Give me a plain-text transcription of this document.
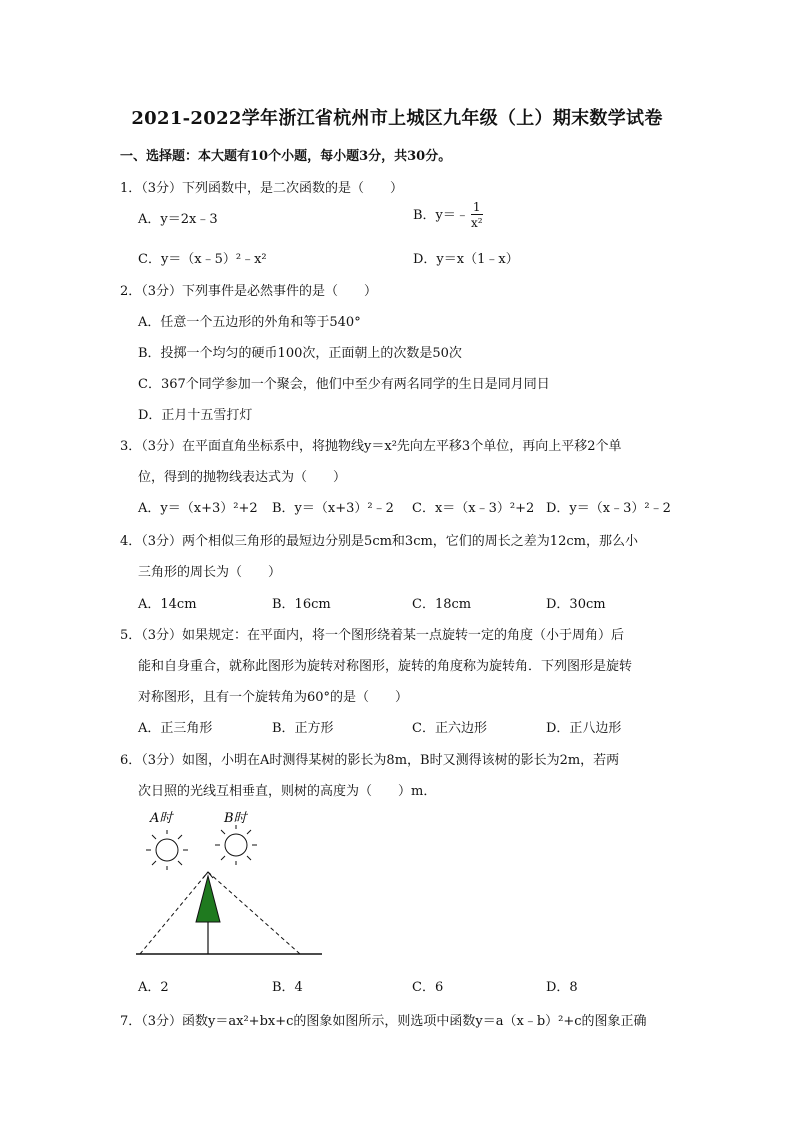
2021-2022学年浙江省杭州市上城区九年级（上）期末数学试卷
一、选择题：本大题有10个小题，每小题3分，共30分。
1．（3分）下列函数中，是二次函数的是（　　）
A．y＝2x﹣3	B．y＝﹣ $\frac{1}{\text{x²}}$
C．y＝（x﹣5）²﹣x²	D．y＝x（1﹣x）
2．（3分）下列事件是必然事件的是（　　）
A．任意一个五边形的外角和等于540°
B．投掷一个均匀的硬币100次，正面朝上的次数是50次
C．367个同学参加一个聚会，他们中至少有两名同学的生日是同月同日
D．正月十五雪打灯
3．（3分）在平面直角坐标系中，将抛物线y＝x²先向左平移3个单位，再向上平移2个单
位，得到的抛物线表达式为（　　）
A．y＝（x+3）²+2 B．y＝（x+3）²﹣2 C．x＝（x﹣3）²+2 D．y＝（x﹣3）²﹣2
4．（3分）两个相似三角形的最短边分别是5cm和3cm，它们的周长之差为12cm，那么小
三角形的周长为（　　）
A．14cm	B．16cm	C．18cm	D．30cm
5．（3分）如果规定：在平面内，将一个图形绕着某一点旋转一定的角度（小于周角）后
能和自身重合，就称此图形为旋转对称图形，旋转的角度称为旋转角．下列图形是旋转
对称图形，且有一个旋转角为60°的是（　　）
A．正三角形	B．正方形	C．正六边形	D．正八边形
6．（3分）如图，小明在A时测得某树的影长为8m，B时又测得该树的影长为2m，若两
次日照的光线互相垂直，则树的高度为（　　）m．
A时	B时
A．2	B．4	C．6	D．8
7．（3分）函数y＝ax²+bx+c的图象如图所示，则选项中函数y＝a（x﹣b）²+c的图象正确
